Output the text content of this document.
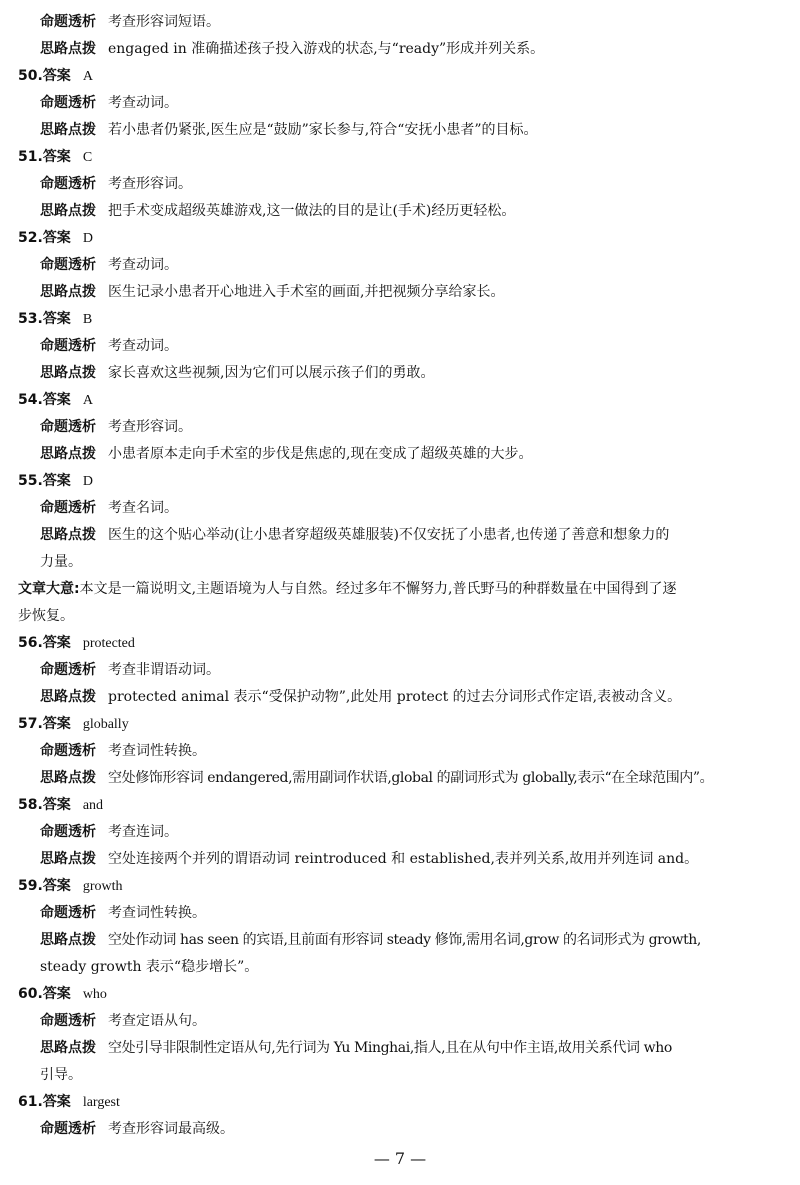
命题透析 考查形容词短语。
思路点拨 engaged in 准确描述孩子投入游戏的状态,与“ready”形成并列关系。
50.答案 A
命题透析 考查动词。
思路点拨 若小患者仍紧张,医生应是“鼓励”家长参与,符合“安抚小患者”的目标。
51.答案 C
命题透析 考查形容词。
思路点拨 把手术变成超级英雄游戏,这一做法的目的是让(手术)经历更轻松。
52.答案 D
命题透析 考查动词。
思路点拨 医生记录小患者开心地进入手术室的画面,并把视频分享给家长。
53.答案 B
命题透析 考查动词。
思路点拨 家长喜欢这些视频,因为它们可以展示孩子们的勇敢。
54.答案 A
命题透析 考查形容词。
思路点拨 小患者原本走向手术室的步伐是焦虑的,现在变成了超级英雄的大步。
55.答案 D
命题透析 考查名词。
思路点拨 医生的这个贴心举动(让小患者穿超级英雄服装)不仅安抚了小患者,也传递了善意和想象力的
力量。
文章大意:本文是一篇说明文,主题语境为人与自然。经过多年不懈努力,普氏野马的种群数量在中国得到了逐
步恢复。
56.答案 protected
命题透析 考查非谓语动词。
思路点拨 protected animal 表示“受保护动物”,此处用 protect 的过去分词形式作定语,表被动含义。
57.答案 globally
命题透析 考查词性转换。
思路点拨 空处修饰形容词 endangered,需用副词作状语,global 的副词形式为 globally,表示“在全球范围内”。
58.答案 and
命题透析 考查连词。
思路点拨 空处连接两个并列的谓语动词 reintroduced 和 established,表并列关系,故用并列连词 and。
59.答案 growth
命题透析 考查词性转换。
思路点拨 空处作动词 has seen 的宾语,且前面有形容词 steady 修饰,需用名词,grow 的名词形式为 growth,
steady growth 表示“稳步增长”。
60.答案 who
命题透析 考查定语从句。
思路点拨 空处引导非限制性定语从句,先行词为 Yu Minghai,指人,且在从句中作主语,故用关系代词 who
引导。
61.答案 largest
命题透析 考查形容词最高级。
— 7 —
